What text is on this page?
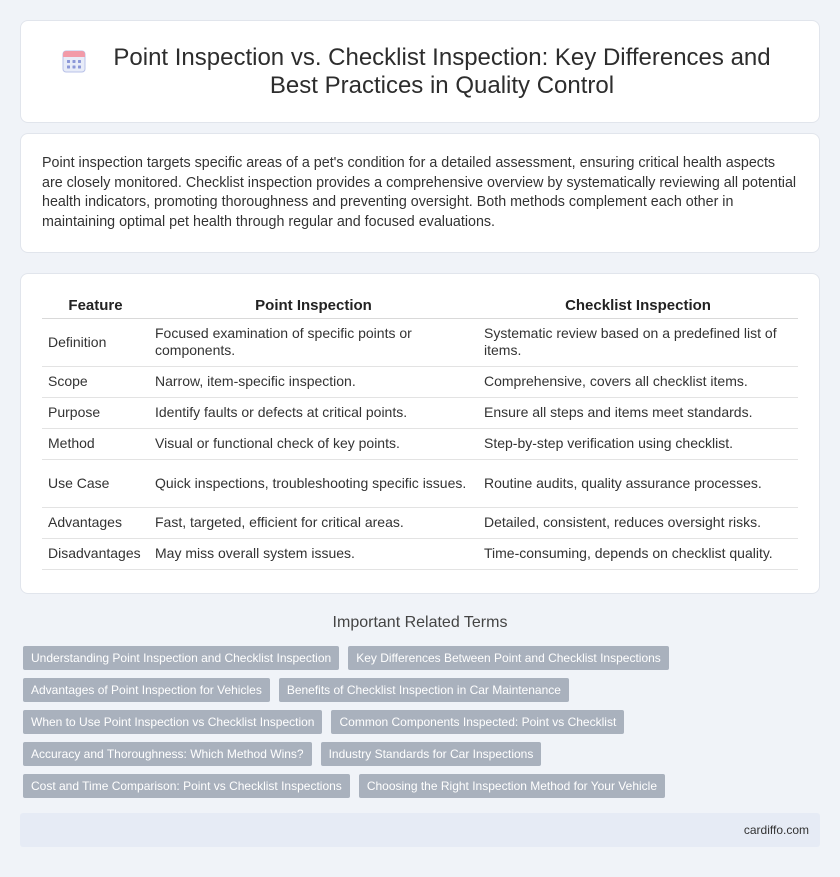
Point Inspection vs. Checklist Inspection: Key Differences and Best Practices in Quality Control

Point inspection targets specific areas of a pet's condition for a detailed assessment, ensuring critical health aspects are closely monitored. Checklist inspection provides a comprehensive overview by systematically reviewing all potential health indicators, promoting thoroughness and preventing oversight. Both methods complement each other in maintaining optimal pet health through regular and focused evaluations.

Feature	Point Inspection	Checklist Inspection
Definition	Focused examination of specific points or components.	Systematic review based on a predefined list of items.
Scope	Narrow, item-specific inspection.	Comprehensive, covers all checklist items.
Purpose	Identify faults or defects at critical points.	Ensure all steps and items meet standards.
Method	Visual or functional check of key points.	Step-by-step verification using checklist.
Use Case	Quick inspections, troubleshooting specific issues.	Routine audits, quality assurance processes.
Advantages	Fast, targeted, efficient for critical areas.	Detailed, consistent, reduces oversight risks.
Disadvantages	May miss overall system issues.	Time-consuming, depends on checklist quality.
Important Related Terms
Understanding Point Inspection and Checklist Inspection	Key Differences Between Point and Checklist Inspections
Advantages of Point Inspection for Vehicles	Benefits of Checklist Inspection in Car Maintenance
When to Use Point Inspection vs Checklist Inspection	Common Components Inspected: Point vs Checklist
Accuracy and Thoroughness: Which Method Wins?	Industry Standards for Car Inspections
Cost and Time Comparison: Point vs Checklist Inspections	Choosing the Right Inspection Method for Your Vehicle
cardiffo.com
